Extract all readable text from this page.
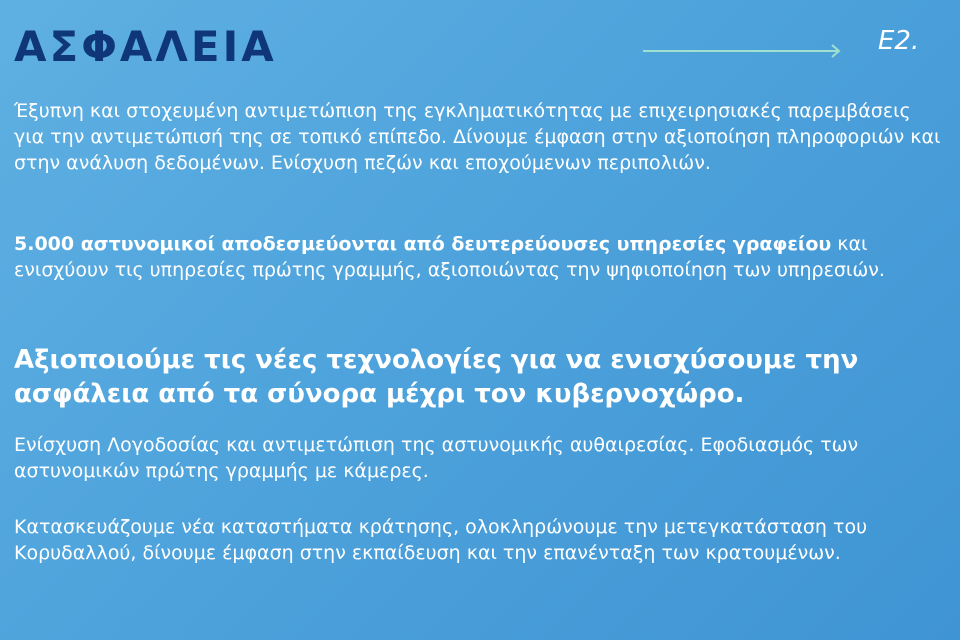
ΑΣΦΑΛΕΙΑ	Ε2.

Έξυπνη και στοχευμένη αντιμετώπιση της εγκληματικότητας με επιχειρησιακές παρεμβάσεις για την αντιμετώπισή της σε τοπικό επίπεδο. Δίνουμε έμφαση στην αξιοποίηση πληροφοριών και στην ανάλυση δεδομένων. Ενίσχυση πεζών και εποχούμενων περιπολιών.

5.000 αστυνομικοί αποδεσμεύονται από δευτερεύουσες υπηρεσίες γραφείου και ενισχύουν τις υπηρεσίες πρώτης γραμμής, αξιοποιώντας την ψηφιοποίηση των υπηρεσιών.

Αξιοποιούμε τις νέες τεχνολογίες για να ενισχύσουμε την ασφάλεια από τα σύνορα μέχρι τον κυβερνοχώρο.

Ενίσχυση Λογοδοσίας και αντιμετώπιση της αστυνομικής αυθαιρεσίας. Εφοδιασμός των αστυνομικών πρώτης γραμμής με κάμερες.

Κατασκευάζουμε νέα καταστήματα κράτησης, ολοκληρώνουμε την μετεγκατάσταση του Κορυδαλλού, δίνουμε έμφαση στην εκπαίδευση και την επανένταξη των κρατουμένων.
